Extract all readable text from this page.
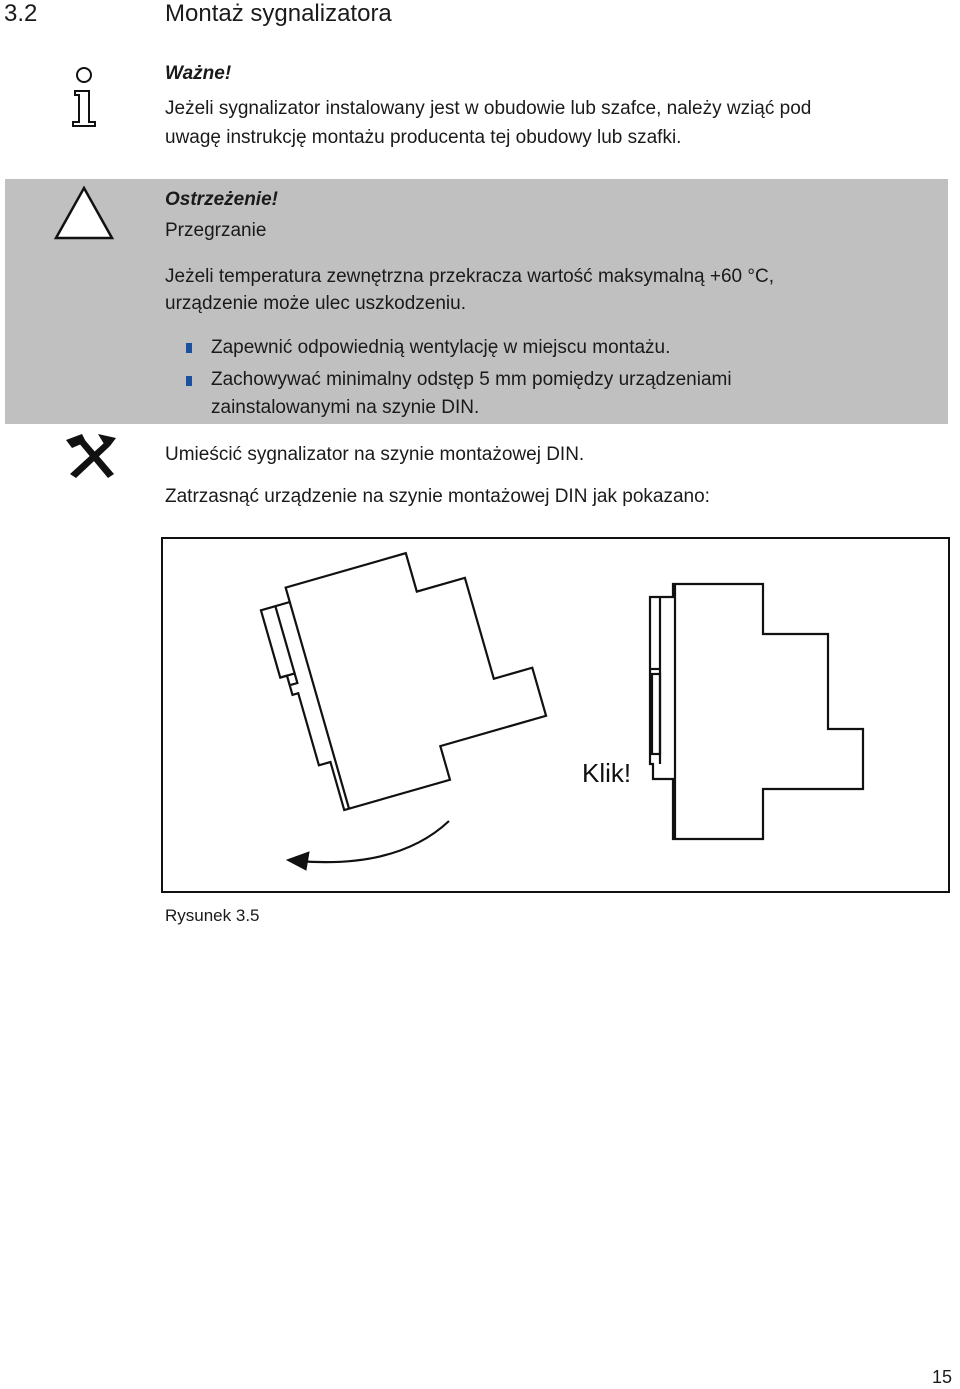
3.2	Montaż sygnalizatora
Ważne!
Jeżeli sygnalizator instalowany jest w obudowie lub szafce, należy wziąć pod
uwagę instrukcję montażu producenta tej obudowy lub szafki.
Ostrzeżenie!
Przegrzanie
Jeżeli temperatura zewnętrzna przekracza wartość maksymalną +60 °C,
urządzenie może ulec uszkodzeniu.
Zapewnić odpowiednią wentylację w miejscu montażu.
Zachowywać minimalny odstęp 5 mm pomiędzy urządzeniami
zainstalowanymi na szynie DIN.
Umieścić sygnalizator na szynie montażowej DIN.
Zatrzasnąć urządzenie na szynie montażowej DIN jak pokazano:
Klik!
Rysunek 3.5
15
